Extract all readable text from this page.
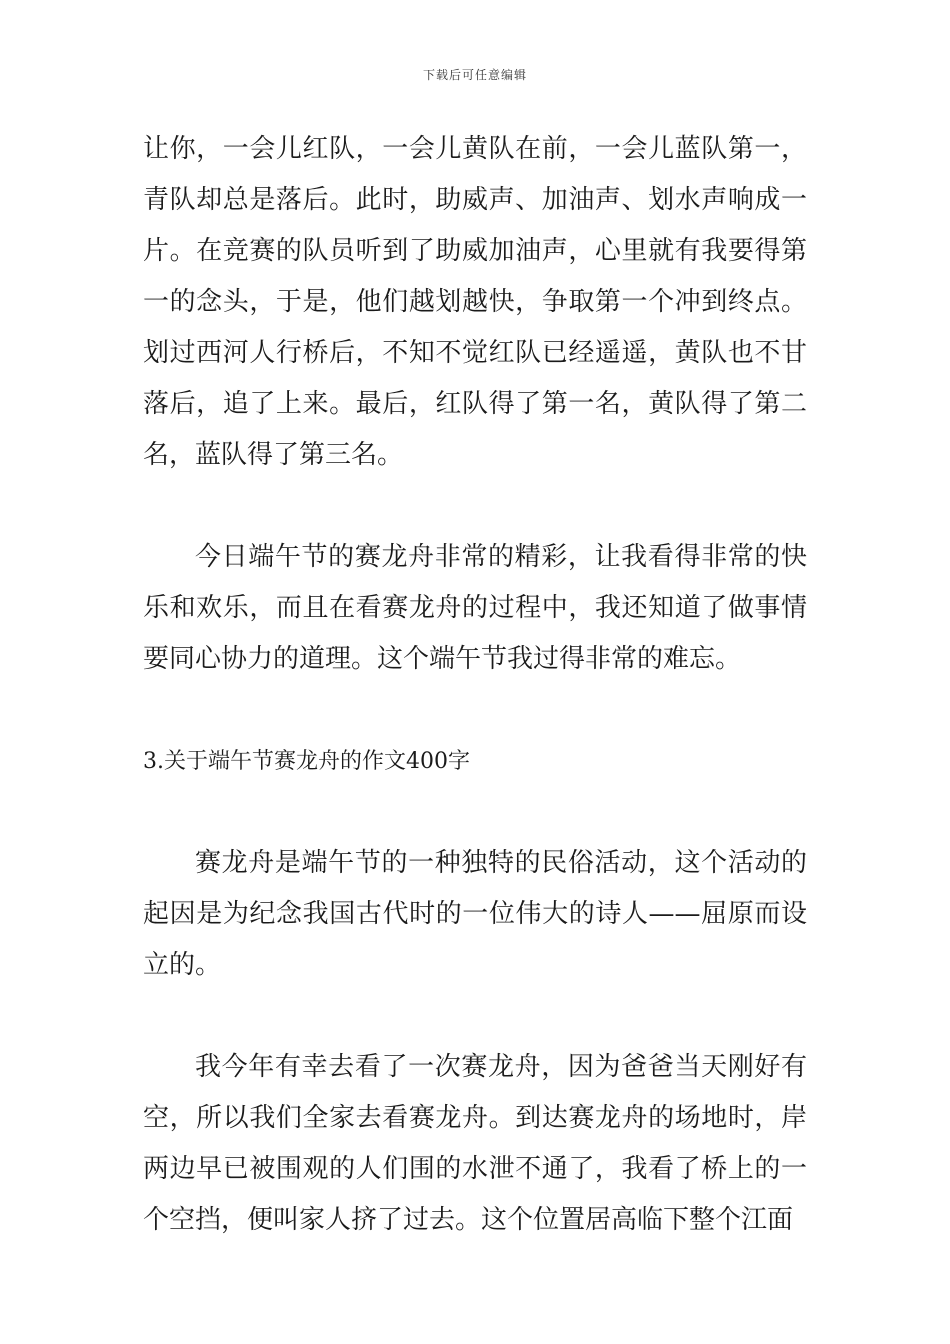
下载后可任意编辑

让你，一会儿红队，一会儿黄队在前，一会儿蓝队第一，青队却总是落后。此时，助威声、加油声、划水声响成一片。在竞赛的队员听到了助威加油声，心里就有我要得第一的念头，于是，他们越划越快，争取第一个冲到终点。划过西河人行桥后，不知不觉红队已经遥遥，黄队也不甘落后，追了上来。最后，红队得了第一名，黄队得了第二名，蓝队得了第三名。

今日端午节的赛龙舟非常的精彩，让我看得非常的快乐和欢乐，而且在看赛龙舟的过程中，我还知道了做事情要同心协力的道理。这个端午节我过得非常的难忘。

3.关于端午节赛龙舟的作文400字

赛龙舟是端午节的一种独特的民俗活动，这个活动的起因是为纪念我国古代时的一位伟大的诗人——屈原而设立的。

我今年有幸去看了一次赛龙舟，因为爸爸当天刚好有空，所以我们全家去看赛龙舟。到达赛龙舟的场地时，岸两边早已被围观的人们围的水泄不通了，我看了桥上的一个空挡，便叫家人挤了过去。这个位置居高临下整个江面
